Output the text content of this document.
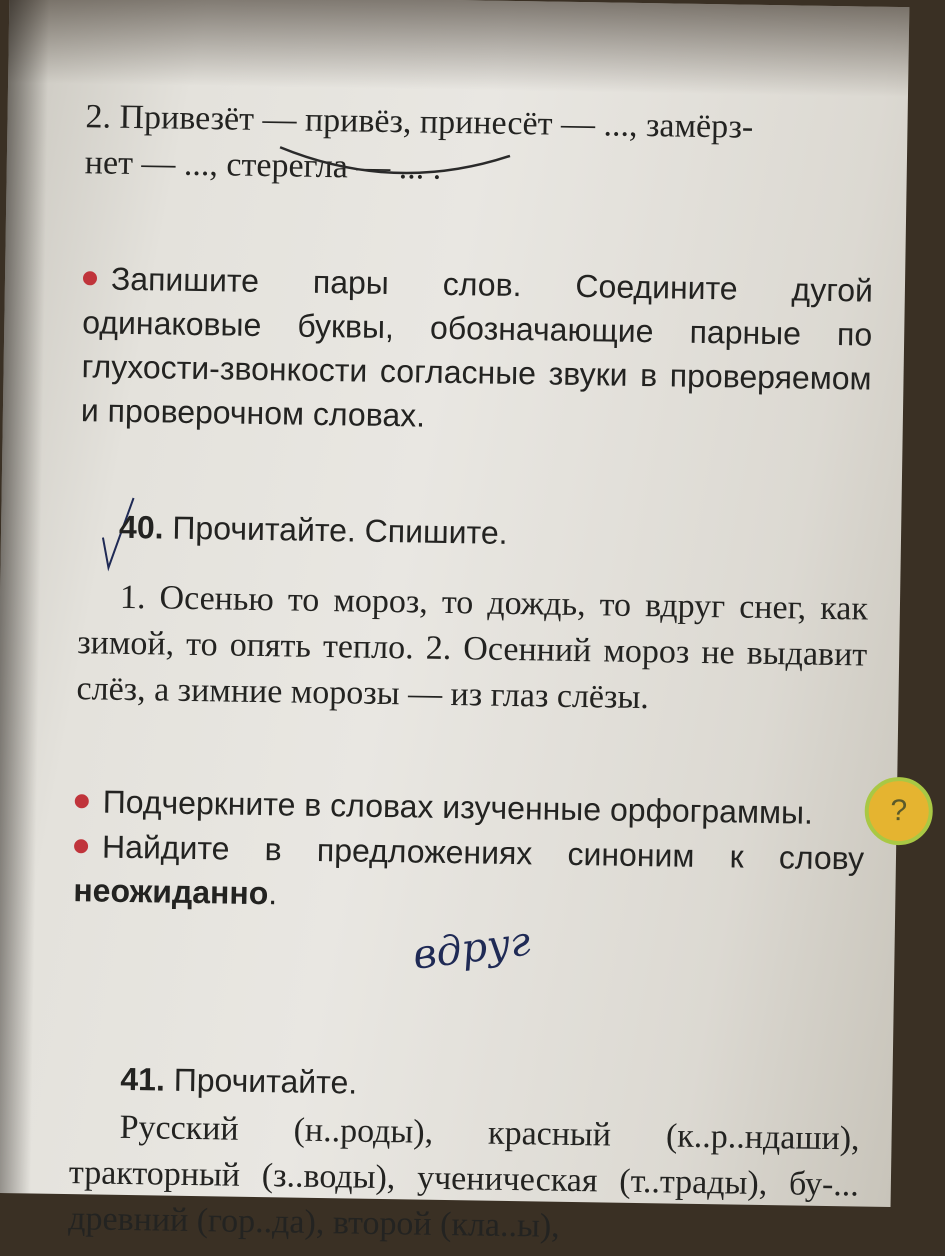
2. Привезёт — привёз, принесёт — ..., замёрз-
нет — ..., стерегла — ... .
Запишите пары слов. Соедините дугой одинаковые буквы, обозначающие парные по глухости-звонкости согласные звуки в проверяемом и проверочном словах.
40. Прочитайте. Спишите.
1. Осенью то мороз, то дождь, то вдруг снег, как зимой, то опять тепло. 2. Осенний мороз не выдавит слёз, а зимние морозы — из глаз слёзы.
Подчеркните в словах изученные орфограммы.
Найдите в предложениях синоним к слову неожиданно.
вдруг
41. Прочитайте.
Русский (н..роды), красный (к..р..ндаши), тракторный (з..воды), ученическая (т..трады), бу-... древний (гор..да), второй (кла..ы),
?
